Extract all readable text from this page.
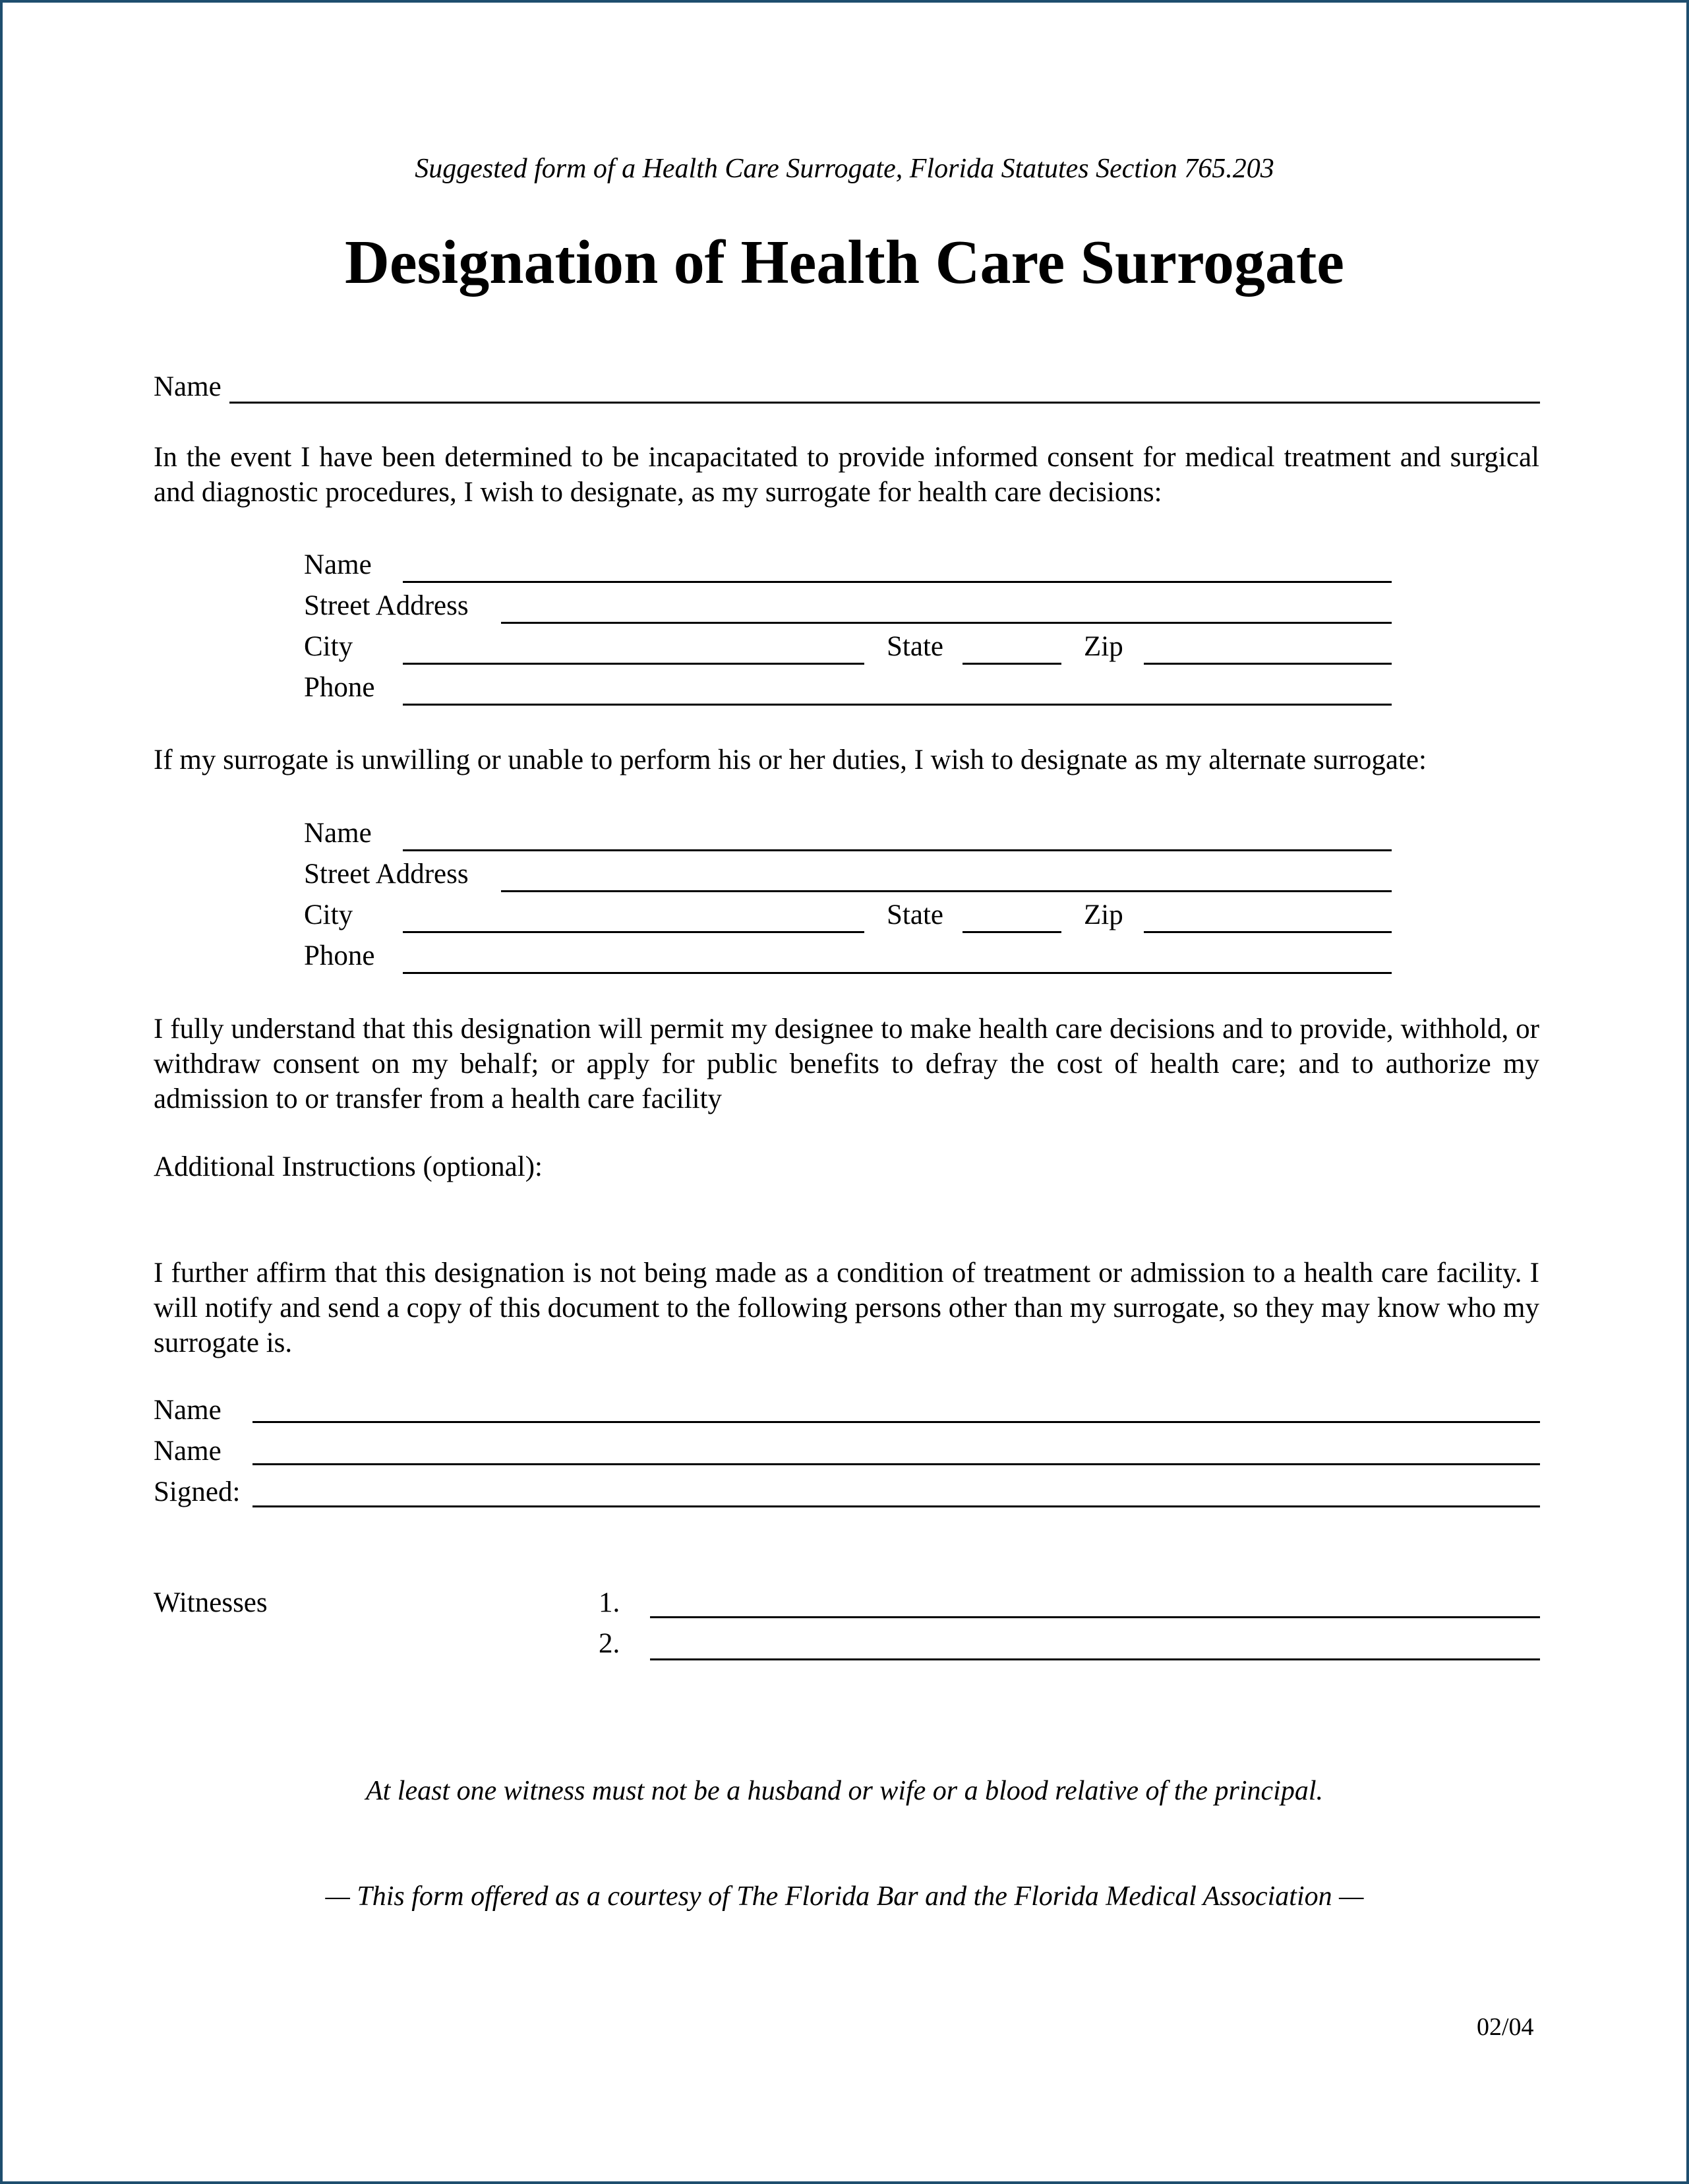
Suggested form of a Health Care Surrogate, Florida Statutes Section 765.203
Designation of Health Care Surrogate
Name
In the event I have been determined to be incapacitated to provide informed consent for medical treatment and surgical and diagnostic procedures, I wish to designate, as my surrogate for health care decisions:
Name
Street Address
City	State	Zip
Phone
If my surrogate is unwilling or unable to perform his or her duties, I wish to designate as my alternate surrogate:
Name
Street Address
City	State	Zip
Phone
I fully understand that this designation will permit my designee to make health care decisions and to provide, withhold, or withdraw consent on my behalf; or apply for public benefits to defray the cost of health care; and to authorize my admission to or transfer from a health care facility
Additional Instructions (optional):
I further affirm that this designation is not being made as a condition of treatment or admission to a health care facility. I will notify and send a copy of this document to the following persons other than my surrogate, so they may know who my surrogate is.
Name
Name
Signed:
Witnesses	1.
2.
At least one witness must not be a husband or wife or a blood relative of the principal.
— This form offered as a courtesy of The Florida Bar and the Florida Medical Association —
02/04
